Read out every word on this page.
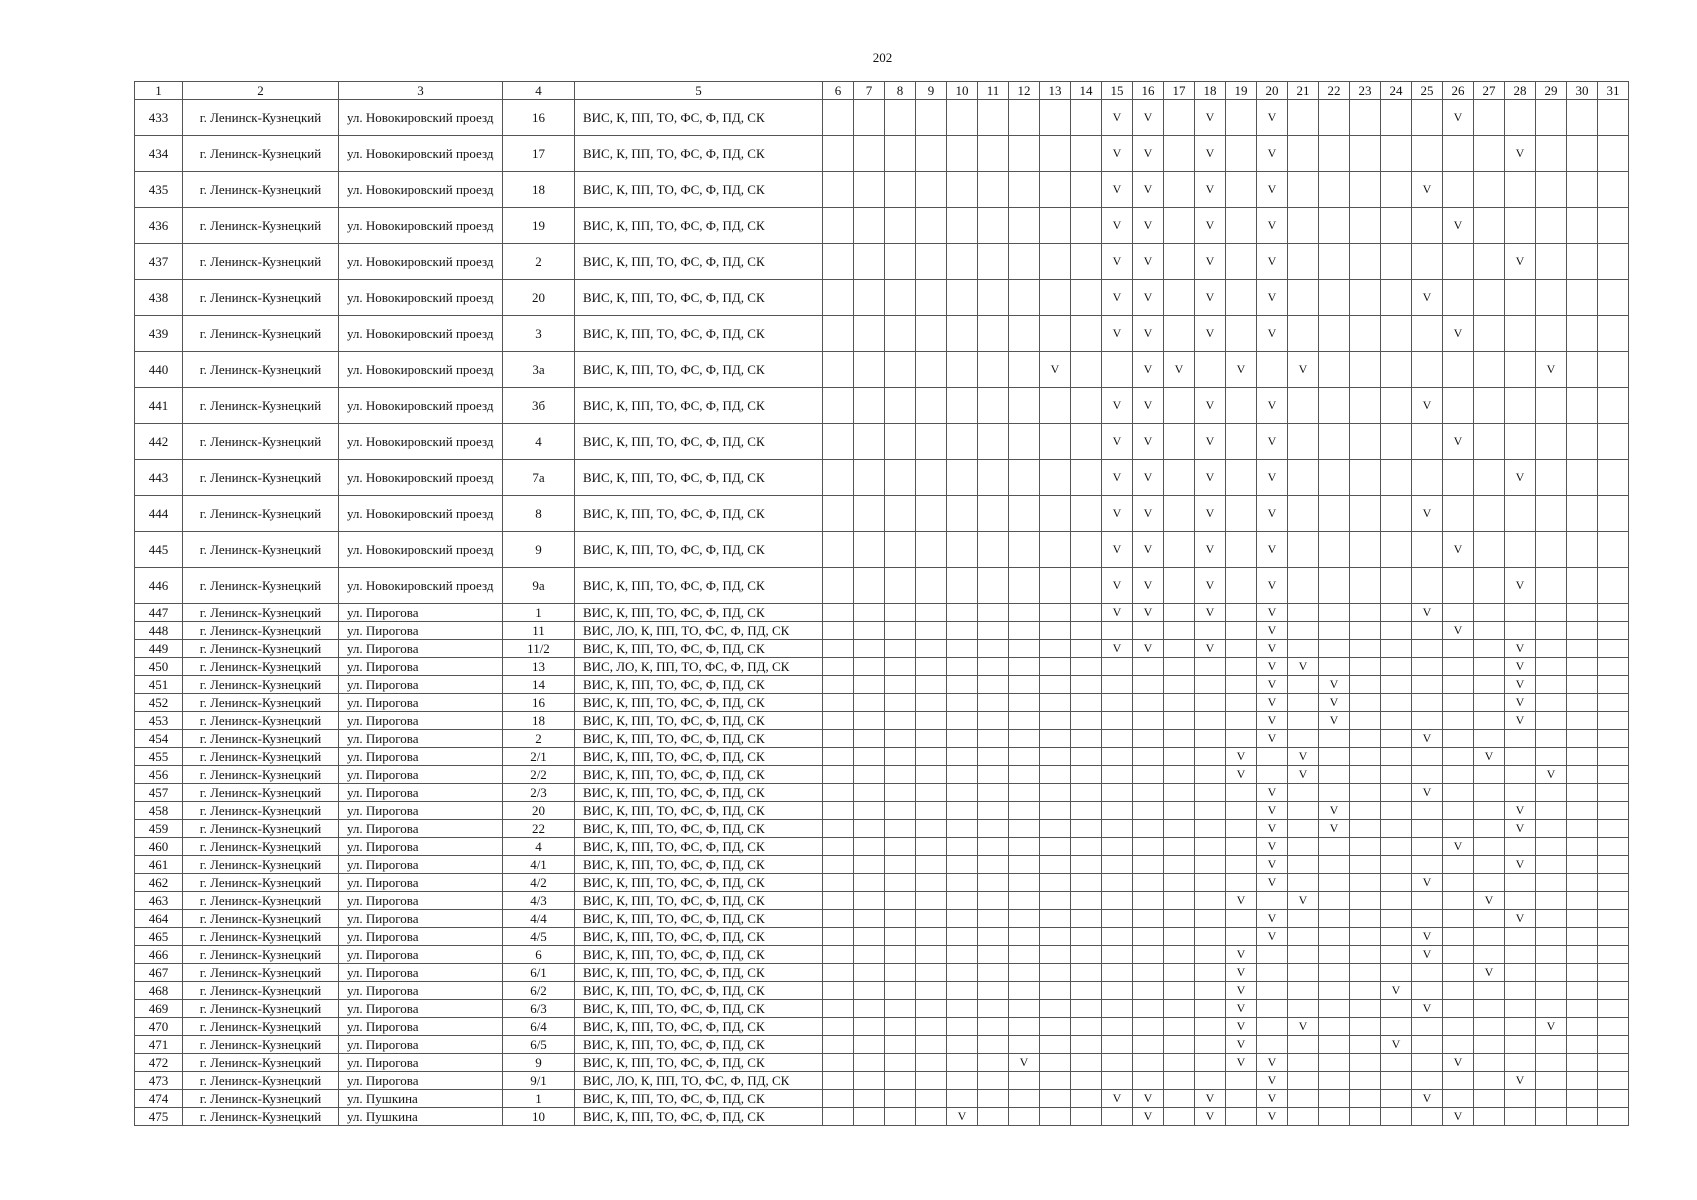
202
1	2	3	4	5	6	7	8	9	10	11	12	13	14	15	16	17	18	19	20	21	22	23	24	25	26	27	28	29	30	31
433	г. Ленинск-Кузнецкий	ул. Новокировский проезд	16	ВИС, К, ПП, ТО, ФС, Ф, ПД, СК										V	V		V		V						V					
434	г. Ленинск-Кузнецкий	ул. Новокировский проезд	17	ВИС, К, ПП, ТО, ФС, Ф, ПД, СК										V	V		V		V								V			
435	г. Ленинск-Кузнецкий	ул. Новокировский проезд	18	ВИС, К, ПП, ТО, ФС, Ф, ПД, СК										V	V		V		V					V						
436	г. Ленинск-Кузнецкий	ул. Новокировский проезд	19	ВИС, К, ПП, ТО, ФС, Ф, ПД, СК										V	V		V		V						V					
437	г. Ленинск-Кузнецкий	ул. Новокировский проезд	2	ВИС, К, ПП, ТО, ФС, Ф, ПД, СК										V	V		V		V								V			
438	г. Ленинск-Кузнецкий	ул. Новокировский проезд	20	ВИС, К, ПП, ТО, ФС, Ф, ПД, СК										V	V		V		V					V						
439	г. Ленинск-Кузнецкий	ул. Новокировский проезд	3	ВИС, К, ПП, ТО, ФС, Ф, ПД, СК										V	V		V		V						V					
440	г. Ленинск-Кузнецкий	ул. Новокировский проезд	3а	ВИС, К, ПП, ТО, ФС, Ф, ПД, СК								V			V	V		V		V								V		
441	г. Ленинск-Кузнецкий	ул. Новокировский проезд	3б	ВИС, К, ПП, ТО, ФС, Ф, ПД, СК										V	V		V		V					V						
442	г. Ленинск-Кузнецкий	ул. Новокировский проезд	4	ВИС, К, ПП, ТО, ФС, Ф, ПД, СК										V	V		V		V						V					
443	г. Ленинск-Кузнецкий	ул. Новокировский проезд	7а	ВИС, К, ПП, ТО, ФС, Ф, ПД, СК										V	V		V		V								V			
444	г. Ленинск-Кузнецкий	ул. Новокировский проезд	8	ВИС, К, ПП, ТО, ФС, Ф, ПД, СК										V	V		V		V					V						
445	г. Ленинск-Кузнецкий	ул. Новокировский проезд	9	ВИС, К, ПП, ТО, ФС, Ф, ПД, СК										V	V		V		V						V					
446	г. Ленинск-Кузнецкий	ул. Новокировский проезд	9а	ВИС, К, ПП, ТО, ФС, Ф, ПД, СК										V	V		V		V								V			
447	г. Ленинск-Кузнецкий	ул. Пирогова	1	ВИС, К, ПП, ТО, ФС, Ф, ПД, СК										V	V		V		V					V						
448	г. Ленинск-Кузнецкий	ул. Пирогова	11	ВИС, ЛО, К, ПП, ТО, ФС, Ф, ПД, СК															V						V					
449	г. Ленинск-Кузнецкий	ул. Пирогова	11/2	ВИС, К, ПП, ТО, ФС, Ф, ПД, СК										V	V		V		V								V			
450	г. Ленинск-Кузнецкий	ул. Пирогова	13	ВИС, ЛО, К, ПП, ТО, ФС, Ф, ПД, СК															V	V							V			
451	г. Ленинск-Кузнецкий	ул. Пирогова	14	ВИС, К, ПП, ТО, ФС, Ф, ПД, СК															V		V						V			
452	г. Ленинск-Кузнецкий	ул. Пирогова	16	ВИС, К, ПП, ТО, ФС, Ф, ПД, СК															V		V						V			
453	г. Ленинск-Кузнецкий	ул. Пирогова	18	ВИС, К, ПП, ТО, ФС, Ф, ПД, СК															V		V						V			
454	г. Ленинск-Кузнецкий	ул. Пирогова	2	ВИС, К, ПП, ТО, ФС, Ф, ПД, СК															V					V						
455	г. Ленинск-Кузнецкий	ул. Пирогова	2/1	ВИС, К, ПП, ТО, ФС, Ф, ПД, СК														V		V						V				
456	г. Ленинск-Кузнецкий	ул. Пирогова	2/2	ВИС, К, ПП, ТО, ФС, Ф, ПД, СК														V		V								V		
457	г. Ленинск-Кузнецкий	ул. Пирогова	2/3	ВИС, К, ПП, ТО, ФС, Ф, ПД, СК															V					V						
458	г. Ленинск-Кузнецкий	ул. Пирогова	20	ВИС, К, ПП, ТО, ФС, Ф, ПД, СК															V		V						V			
459	г. Ленинск-Кузнецкий	ул. Пирогова	22	ВИС, К, ПП, ТО, ФС, Ф, ПД, СК															V		V						V			
460	г. Ленинск-Кузнецкий	ул. Пирогова	4	ВИС, К, ПП, ТО, ФС, Ф, ПД, СК															V						V					
461	г. Ленинск-Кузнецкий	ул. Пирогова	4/1	ВИС, К, ПП, ТО, ФС, Ф, ПД, СК															V								V			
462	г. Ленинск-Кузнецкий	ул. Пирогова	4/2	ВИС, К, ПП, ТО, ФС, Ф, ПД, СК															V					V						
463	г. Ленинск-Кузнецкий	ул. Пирогова	4/3	ВИС, К, ПП, ТО, ФС, Ф, ПД, СК														V		V						V				
464	г. Ленинск-Кузнецкий	ул. Пирогова	4/4	ВИС, К, ПП, ТО, ФС, Ф, ПД, СК															V								V			
465	г. Ленинск-Кузнецкий	ул. Пирогова	4/5	ВИС, К, ПП, ТО, ФС, Ф, ПД, СК															V					V						
466	г. Ленинск-Кузнецкий	ул. Пирогова	6	ВИС, К, ПП, ТО, ФС, Ф, ПД, СК														V						V						
467	г. Ленинск-Кузнецкий	ул. Пирогова	6/1	ВИС, К, ПП, ТО, ФС, Ф, ПД, СК														V								V				
468	г. Ленинск-Кузнецкий	ул. Пирогова	6/2	ВИС, К, ПП, ТО, ФС, Ф, ПД, СК														V					V							
469	г. Ленинск-Кузнецкий	ул. Пирогова	6/3	ВИС, К, ПП, ТО, ФС, Ф, ПД, СК														V						V						
470	г. Ленинск-Кузнецкий	ул. Пирогова	6/4	ВИС, К, ПП, ТО, ФС, Ф, ПД, СК														V		V								V		
471	г. Ленинск-Кузнецкий	ул. Пирогова	6/5	ВИС, К, ПП, ТО, ФС, Ф, ПД, СК														V					V							
472	г. Ленинск-Кузнецкий	ул. Пирогова	9	ВИС, К, ПП, ТО, ФС, Ф, ПД, СК							V							V	V						V					
473	г. Ленинск-Кузнецкий	ул. Пирогова	9/1	ВИС, ЛО, К, ПП, ТО, ФС, Ф, ПД, СК															V								V			
474	г. Ленинск-Кузнецкий	ул. Пушкина	1	ВИС, К, ПП, ТО, ФС, Ф, ПД, СК										V	V		V		V					V						
475	г. Ленинск-Кузнецкий	ул. Пушкина	10	ВИС, К, ПП, ТО, ФС, Ф, ПД, СК					V						V		V		V						V					
